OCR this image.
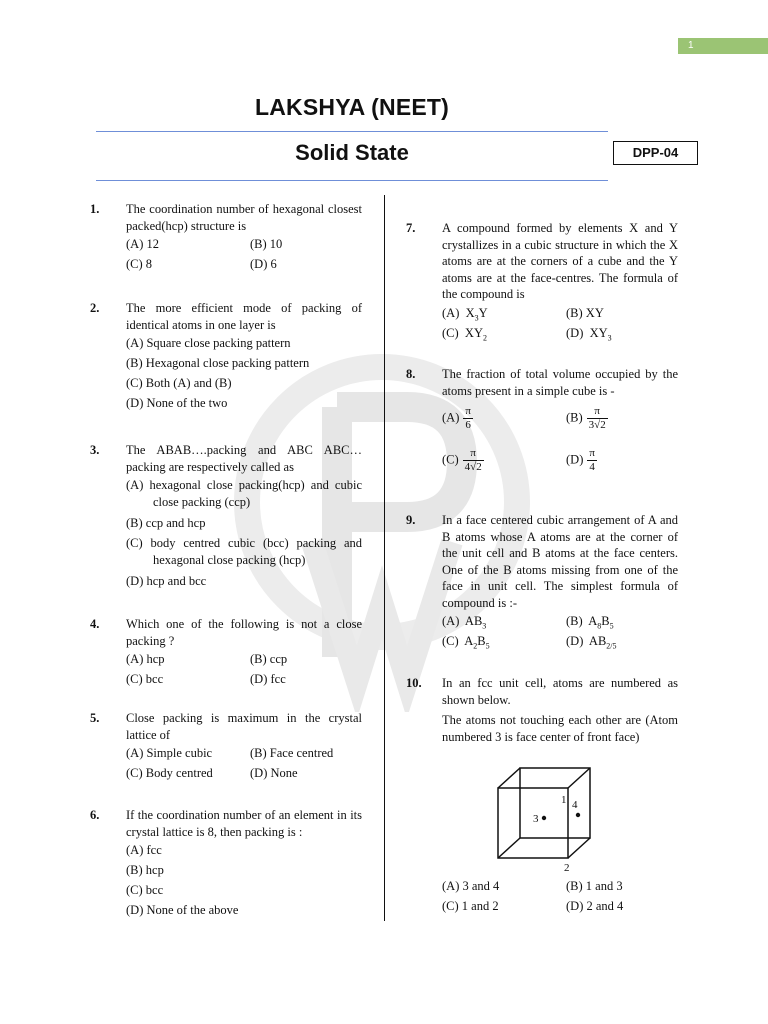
1
LAKSHYA (NEET)
Solid State	DPP-04
1. The coordination number of hexagonal closest packed(hcp) structure is
(A) 12	(B) 10
(C) 8	(D) 6
2. The more efficient mode of packing of identical atoms in one layer is
(A) Square close packing pattern
(B) Hexagonal close packing pattern
(C) Both (A) and (B)
(D) None of the two
3. The ABAB….packing and ABC ABC… packing are respectively called as
(A) hexagonal close packing(hcp) and cubic close packing (ccp)
(B) ccp and hcp
(C) body centred cubic (bcc) packing and hexagonal close packing (hcp)
(D) hcp and bcc
4. Which one of the following is not a close packing ?
(A) hcp	(B) ccp
(C) bcc	(D) fcc
5. Close packing is maximum in the crystal lattice of
(A) Simple cubic	(B) Face centred
(C) Body centred	(D) None
6. If the coordination number of an element in its crystal lattice is 8, then packing is :
(A) fcc
(B) hcp
(C) bcc
(D) None of the above
7. A compound formed by elements X and Y crystallizes in a cubic structure in which the X atoms are at the corners of a cube and the Y atoms are at the face-centres. The formula of the compound is
(A)  $X_3Y$	(B) XY
(C)  $XY_2$	(D)  $XY_3$
8. The fraction of total volume occupied by the atoms present in a simple cube is -
$(A) \frac{\pi}{6}$	$(B) \frac{\pi}{3√2}$
$(C) \frac{\pi}{4√2}$	$(D) \frac{\pi}{4}$
9. In a face centered cubic arrangement of A and B atoms whose A atoms are at the corner of the unit cell and B atoms at the face centers. One of the B atoms missing from one of the face in unit cell. The simplest formula of compound is :-
(A)  $AB_3$	(B)  $A_8B_5$
(C)  $A_2B_5$	(D)  $AB_{2/5}$
10. In an fcc unit cell, atoms are numbered as shown below.
The atoms not touching each other are (Atom numbered 3 is face center of front face)
3
1 4
2
(A) 3 and 4	(B) 1 and 3
(C) 1 and 2	(D) 2 and 4
